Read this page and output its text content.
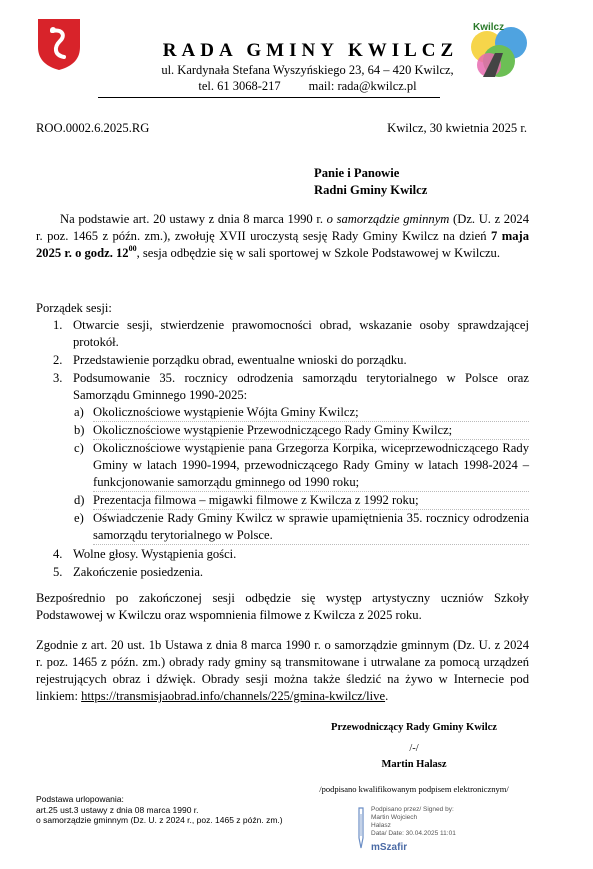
RADA GMINY KWILCZ
ul. Kardynała Stefana Wyszyńskiego 23, 64 – 420 Kwilcz,
tel. 61 3068-217 mail: rada@kwilcz.pl
Kwilcz
ROO.0002.6.2025.RG	Kwilcz, 30 kwietnia 2025 r.
Panie i Panowie
Radni Gminy Kwilcz

Na podstawie art. 20 ustawy z dnia 8 marca 1990 r. o samorządzie gminnym (Dz. U. z 2024 r. poz. 1465 z późn. zm.), zwołuję XVII uroczystą sesję Rady Gminy Kwilcz na dzień 7 maja 2025 r. o godz. $12^{00}$, sesja odbędzie się w sali sportowej w Szkole Podstawowej w Kwilczu.

Porządek sesji:
1. Otwarcie sesji, stwierdzenie prawomocności obrad, wskazanie osoby sprawdzającej protokół.
2. Przedstawienie porządku obrad, ewentualne wnioski do porządku.
3. Podsumowanie 35. rocznicy odrodzenia samorządu terytorialnego w Polsce oraz Samorządu Gminnego 1990-2025:
a) Okolicznościowe wystąpienie Wójta Gminy Kwilcz;
b) Okolicznościowe wystąpienie Przewodniczącego Rady Gminy Kwilcz;
c) Okolicznościowe wystąpienie pana Grzegorza Korpika, wiceprzewodniczącego Rady Gminy w latach 1990-1994, przewodniczącego Rady Gminy w latach 1998-2024 – funkcjonowanie samorządu gminnego od 1990 roku;
d) Prezentacja filmowa – migawki filmowe z Kwilcza z 1992 roku;
e) Oświadczenie Rady Gminy Kwilcz w sprawie upamiętnienia 35. rocznicy odrodzenia samorządu terytorialnego w Polsce.
4. Wolne głosy. Wystąpienia gości.
5. Zakończenie posiedzenia.
Bezpośrednio po zakończonej sesji odbędzie się występ artystyczny uczniów Szkoły Podstawowej w Kwilczu oraz wspomnienia filmowe z Kwilcza z 2025 roku.
Zgodnie z art. 20 ust. 1b Ustawa z dnia 8 marca 1990 r. o samorządzie gminnym (Dz. U. z 2024 r. poz. 1465 z późn. zm.) obrady rady gminy są transmitowane i utrwalane za pomocą urządzeń rejestrujących obraz i dźwięk. Obrady sesji można także śledzić na żywo w Internecie pod linkiem: https://transmisjaobrad.info/channels/225/gmina-kwilcz/live.
Przewodniczący Rady Gminy Kwilcz
/-/
Martin Halasz
/podpisano kwalifikowanym podpisem elektronicznym/
Podstawa urlopowania:
art.25 ust.3 ustawy z dnia 08 marca 1990 r.
o samorządzie gminnym (Dz. U. z 2024 r., poz. 1465 z późn. zm.)
Podpisano przez/ Signed by:
Martin Wojciech
Halasz
Data/ Date: 30.04.2025 11:01
mSzafir
